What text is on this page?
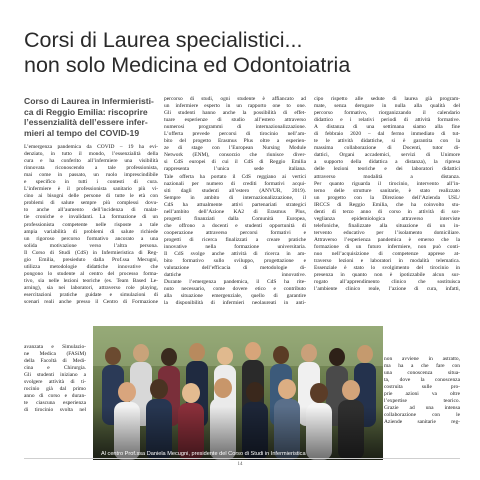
Corsi di Laurea specialistici...
non solo Medicina ed Odontoiatria
Corso di Laurea in Infermieristi-
ca di Reggio Emilia: riscoprire
l’essenzialità dell’essere infer-
mieri al tempo del COVID-19

L’emergenza pandemica da COVID – 19 ha evi-

denziato, in tutto il mondo, l’essenzialità della

cura e ha conferito all’infermiere una visibilità

rinnovata riconoscendo a tale professionista,

mai come in passato, un ruolo imprescindibile

e specifico in tutti i contesti di cura.

L’infermiere è il professionista sanitario più vi-

cino ai bisogni delle persone di tutte le età con

problemi di salute sempre più complessi dovu-

to anche all’aumento dell’incidenza di malat-

tie croniche e invalidanti. La formazione di un

professionista competente nelle risposte a tale

ampia variabilità di problemi di salute richiede

un rigoroso percorso formativo ancorato a una

solida motivazione verso l’altra persona.

Il Corso di Studi (CdS) in Infermieristica di Reg-

gio Emilia, presieduto dalla Prof.ssa Mecugni,

utilizza metodologie didattiche innovative che

pongono lo studente al centro del processo forma-

tivo, sia nelle lezioni teoriche (es. Team Based Le-

arning), sia nei laboratori, attraverso role playing,

esercitazioni pratiche guidate e simulazioni di

scenari reali anche presso il Centro di Formazione

avanzata e Simulazio-

ne Medica (FASiM)

della Facoltà di Medi-

cina e Chirurgia.

Gli studenti iniziano a

svolgere attività di ti-

rocinio già dal primo

anno di corso e duran-

te ciascuna esperienza

di tirocinio svolta nel

percorso di studi, ogni studente è affiancato ad

un infermiere esperto in un rapporto one to one.

Gli studenti hanno anche la possibilità di effet-

tuare esperienze di studio all’estero attraverso

numerosi programmi di internazionalizzazione.

L’offerta prevede percorsi di tirocinio nell’am-

bito del progetto Erasmus Plus oltre a esperien-

ze di stage con l’European Nursing Module

Network (ENM), consorzio che riunisce diver-

si CdS europei di cui il CdS di Reggio Emilia

rappresenta l’unica sede italiana.

Tale offerta ha portato il CdS reggiano ai vertici

nazionali per numero di crediti formativi acqui-

siti dagli studenti all’estero (ANVUR, 2019).

Sempre in ambito di internazionalizzazione, il

CdS ha attualmente attivi partenariati strategici

nell’ambito dell’Azione KA2 di Erasmus Plus,

progetti finanziati dalla Comunità Europea,

che offrono a docenti e studenti opportunità di

cooperazione attraverso percorsi formativi e

progetti di ricerca finalizzati a creare pratiche

innovative nella formazione universitaria.

Il CdS svolge anche attività di ricerca in am-

bito formativo sullo sviluppo, progettazione e

valutazione dell’efficacia di metodologie di-

dattiche innovative.

Durante l’emergenza pandemica, il CdS ha rite-

nuto necessario, come dovere etico e contributo

alla situazione emergenziale, quello di garantire

la disponibilità di infermieri neolaureati in anti-

cipo rispetto alle sedute di laurea già program-

mate, senza derogare in nulla alla qualità del

percorso formativo, riorganizzando il calendario

didattico e i relativi periodi di attività formative.

A distanza di una settimana siamo alla fine

di febbraio 2020 – dal fermo immediato di tut-

te le attività didattiche, si è garantita con la

massima collaborazione di Docenti, tutor di-

dattici, Organi accademici, servizi di Unimore

a supporto della didattica a distanza), la ripresa

delle lezioni teoriche e dei laboratori didattici

attraverso modalità a distanza.

Per quanto riguarda il tirocinio, intervento all’in-

terno delle strutture sanitarie, è stato realizzato

un progetto con la Direzione dell’Azienda USL/

IRCCS di Reggio Emilia, che ha coinvolto stu-

denti di terzo anno di corso in attività di sor-

veglianza epidemiologica attraverso interviste

telefoniche, finalizzate alla situazione di un in-

tervento educativo per l’isolamento domiciliare.

Attraverso l’esperienza pandemica è emerso che la

formazione di un futuro infermiere, non può conti-

nuo nell’acquisizione di competenze apprese at-

traverso lezioni e laboratori in modalità telematica.

Essenziale è stato lo svolgimento del tirocinio in

presenza in quanto non è ipotizzabile alcun sur-

rogato all’apprendimento clinico che sostituisca

l’ambiente clinico reale, l’azione di cura, infatti,

non avviene in astratto,

ma ha a che fare con

una conoscenza situa-

ta, dove la conoscenza

costruita sulle pro-

prie azioni va oltre

l’expertise teorico.

Grazie ad una intensa

collaborazione con le

Aziende sanitarie reg-

Al centro Prof.ssa Daniela Mecugni, presidente del Corso di Studi in Infermieristica
14
